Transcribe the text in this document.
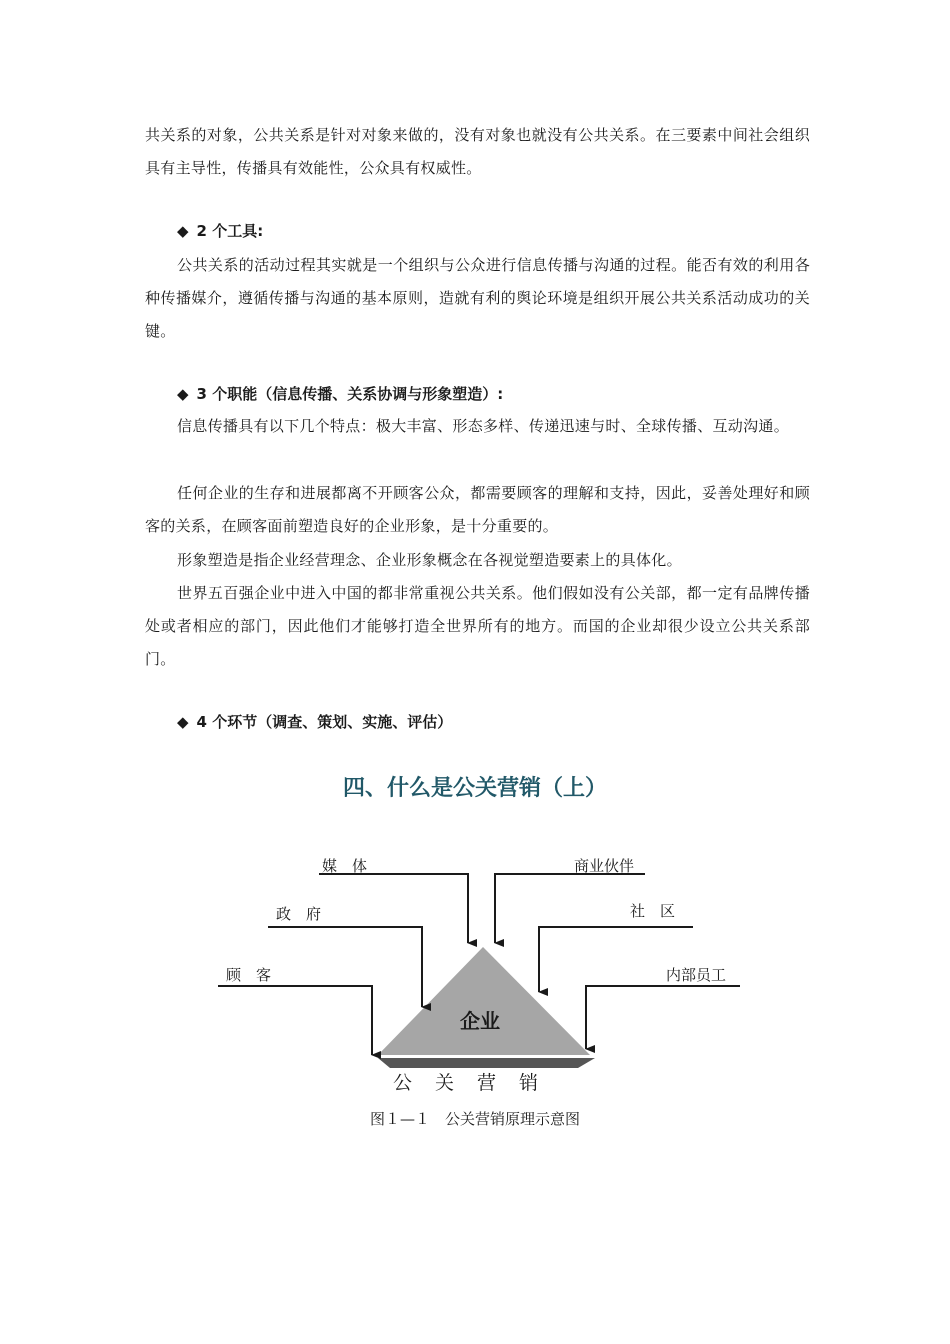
共关系的对象，公共关系是针对对象来做的，没有对象也就没有公共关系。在三要素中间社会组织具有主导性，传播具有效能性，公众具有权威性。

◆ 2 个工具:

公共关系的活动过程其实就是一个组织与公众进行信息传播与沟通的过程。能否有效的利用各种传播媒介，遵循传播与沟通的基本原则，造就有利的舆论环境是组织开展公共关系活动成功的关键。

◆ 3 个职能（信息传播、关系协调与形象塑造）:

信息传播具有以下几个特点：极大丰富、形态多样、传递迅速与时、全球传播、互动沟通。

任何企业的生存和进展都离不开顾客公众，都需要顾客的理解和支持，因此，妥善处理好和顾客的关系，在顾客面前塑造良好的企业形象，是十分重要的。

形象塑造是指企业经营理念、企业形象概念在各视觉塑造要素上的具体化。

世界五百强企业中进入中国的都非常重视公共关系。他们假如没有公关部，都一定有品牌传播处或者相应的部门，因此他们才能够打造全世界所有的地方。而国的企业却很少设立公共关系部门。

◆ 4 个环节（调查、策划、实施、评估）
四、什么是公关营销（上）
媒　体	商业伙伴
政　府	社　区
顾　客	内部员工
企业
公　关　营　销
图１—１　公关营销原理示意图
